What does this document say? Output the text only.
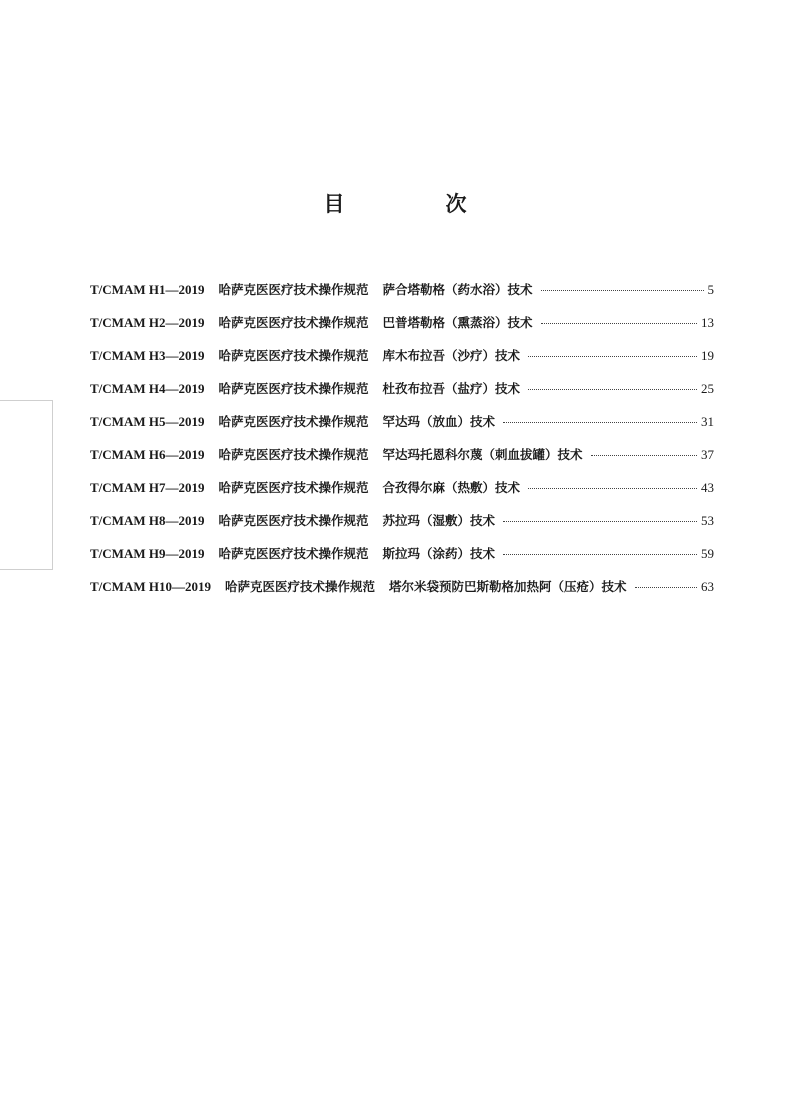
目　次
T/CMAM H1—2019 哈萨克医医疗技术操作规范 萨合塔勒格（药水浴）技术	5
T/CMAM H2—2019 哈萨克医医疗技术操作规范 巴普塔勒格（熏蒸浴）技术	13
T/CMAM H3—2019 哈萨克医医疗技术操作规范 库木布拉吾（沙疗）技术	19
T/CMAM H4—2019 哈萨克医医疗技术操作规范 杜孜布拉吾（盐疗）技术	25
T/CMAM H5—2019 哈萨克医医疗技术操作规范 罕达玛（放血）技术	31
T/CMAM H6—2019 哈萨克医医疗技术操作规范 罕达玛托恩科尔蔑（刺血拔罐）技术	37
T/CMAM H7—2019 哈萨克医医疗技术操作规范 合孜得尔麻（热敷）技术	43
T/CMAM H8—2019 哈萨克医医疗技术操作规范 苏拉玛（湿敷）技术	53
T/CMAM H9—2019 哈萨克医医疗技术操作规范 斯拉玛（涂药）技术	59
T/CMAM H10—2019 哈萨克医医疗技术操作规范 塔尔米袋预防巴斯勒格加热阿（压疮）技术	63
